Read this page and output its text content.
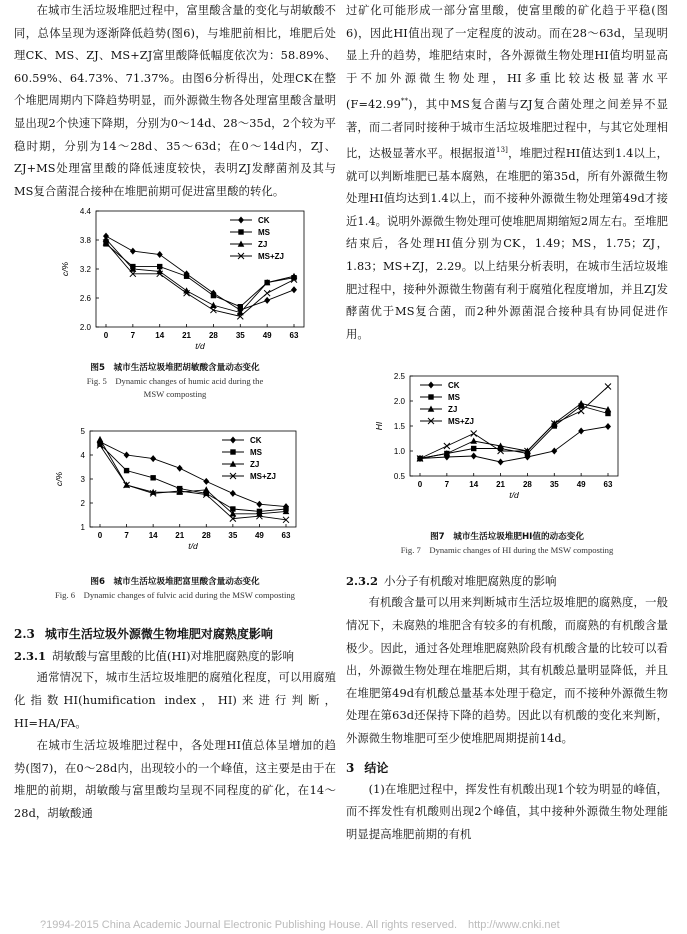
在城市生活垃圾堆肥过程中，富里酸含量的变化与胡敏酸不同，总体呈现为逐渐降低趋势(图6)，与堆肥前相比，堆肥后处理CK、MS、ZJ、MS+ZJ富里酸降低幅度依次为：58.89%、60.59%、64.73%、71.37%。由图6分析得出，处理CK在整个堆肥周期内下降趋势明显，而外源微生物各处理富里酸含量明显出现2个快速下降期，分别为0～14d、28～35d，2个较为平稳时期，分别为14～28d、35～63d；在0～14d内，ZJ、ZJ+MS处理富里酸的降低速度较快，表明ZJ发酵菌剂及其与MS复合菌混合接种在堆肥前期可促进富里酸的转化。

2.0
2.6
3.2
3.8
4.4
0	7	14 21 28 35 49 63
t/d
c/%
CK
MS
ZJ
MS+ZJ
图5　城市生活垃圾堆肥胡敏酸含量动态变化
Fig. 5　Dynamic changes of humic acid during the MSW composting
1
2
3
4
5
0	7 14 21 28 35 49 63
t/d
c/%
CK
MS
ZJ
MS+ZJ
图6　城市生活垃圾堆肥富里酸含量动态变化
Fig. 6　Dynamic changes of fulvic acid during the MSW composting
2.3 城市生活垃圾外源微生物堆肥对腐熟度影响
2.3.1 胡敏酸与富里酸的比值(HI)对堆肥腐熟度的影响

通常情况下，城市生活垃圾堆肥的腐殖化程度，可以用腐殖化指数HI(humification index，HI)来进行判断，HI=HA/FA。

在城市生活垃圾堆肥过程中，各处理HI值总体呈增加的趋势(图7)，在0～28d内，出现较小的一个峰值，这主要是由于在堆肥的前期，胡敏酸与富里酸均呈现不同程度的矿化，在14～28d，胡敏酸通

过矿化可能形成一部分富里酸，使富里酸的矿化趋于平稳(图6)，因此HI值出现了一定程度的波动。而在28～63d，呈现明显上升的趋势，堆肥结束时，各外源微生物处理HI值均明显高于不加外源微生物处理，HI多重比较达极显著水平(F=42.99**)，其中MS复合菌与ZJ复合菌处理之间差异不显著，而二者同时接种于城市生活垃圾堆肥过程中，与其它处理相比，达极显著水平。根据报道$^{13]}$，堆肥过程HI值达到1.4以上，就可以判断堆肥已基本腐熟，在堆肥的第35d，所有外源微生物处理HI值均达到1.4以上，而不接种外源微生物处理第49d才接近1.4。说明外源微生物处理可使堆肥周期缩短2周左右。至堆肥结束后，各处理HI值分别为CK，1.49；MS，1.75；ZJ，1.83；MS+ZJ，2.29。以上结果分析表明，在城市生活垃圾堆肥过程中，接种外源微生物菌有利于腐殖化程度增加，并且ZJ发酵菌优于MS复合菌，而2种外源菌混合接种具有协同促进作用。

0.5
1.0
1.5
2.0
2.5
0	7	14 21 28 35 49 63
t/d
HI
CK
MS
ZJ
MS+ZJ
图7　城市生活垃圾堆肥HI值的动态变化
Fig. 7　Dynamic changes of HI during the MSW composting
2.3.2 小分子有机酸对堆肥腐熟度的影响

有机酸含量可以用来判断城市生活垃圾堆肥的腐熟度，一般情况下，未腐熟的堆肥含有较多的有机酸，而腐熟的有机酸含量极少。因此，通过各处理堆肥腐熟阶段有机酸含量的比较可以看出，外源微生物处理在堆肥后期，其有机酸总量明显降低，并且在堆肥第49d有机酸总量基本处理于稳定，而不接种外源微生物处理在第63d还保持下降的趋势。因此以有机酸的变化来判断，外源微生物堆肥可至少使堆肥周期提前14d。

3 结论

(1)在堆肥过程中，挥发性有机酸出现1个较为明显的峰值，而不挥发性有机酸则出现2个峰值，其中接种外源微生物处理能明显提高堆肥前期的有机

?1994-2015 China Academic Journal Electronic Publishing House. All rights reserved.　http://www.cnki.net
